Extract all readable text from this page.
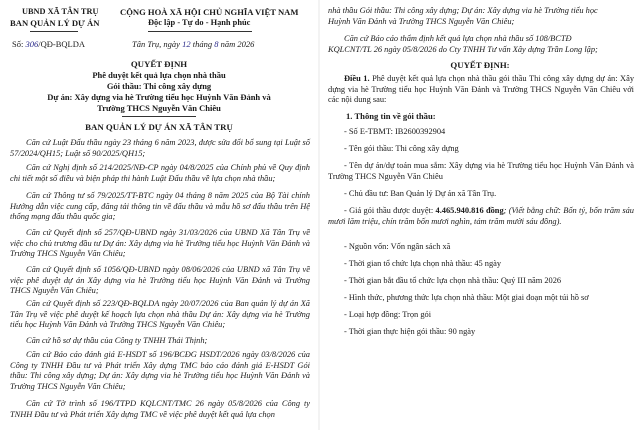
UBND XÃ TÂN TRỤ
BAN QUẢN LÝ DỰ ÁN
Số: 306/QĐ-BQLDA
CỘNG HOÀ XÃ HỘI CHỦ NGHĨA VIỆT NAM
Độc lập - Tự do - Hạnh phúc
Tân Trụ, ngày 12 tháng 8 năm 2026
QUYẾT ĐỊNH
Phê duyệt kết quả lựa chọn nhà thầu
Gói thầu: Thi công xây dựng
Dự án: Xây dựng via hè Trường tiểu học Huỳnh Văn Đảnh và
Trường THCS Nguyễn Văn Chiêu
BAN QUẢN LÝ DỰ ÁN XÃ TÂN TRỤ

Căn cứ Luật Đấu thầu ngày 23 tháng 6 năm 2023, được sửa đổi bổ sung tại Luật số 57/2024/QH15; Luật số 90/2025/QH15;

Căn cứ Nghị định số 214/2025/NĐ-CP ngày 04/8/2025 của Chính phủ về Quy định chi tiết một số điều và biện pháp thi hành Luật Đấu thầu về lựa chọn nhà thầu;

Căn cứ Thông tư số 79/2025/TT-BTC ngày 04 tháng 8 năm 2025 của Bộ Tài chính Hướng dẫn việc cung cấp, đăng tải thông tin về đấu thầu và mẫu hồ sơ đấu thầu trên Hệ thống mạng đấu thầu quốc gia;

Căn cứ Quyết định số 257/QĐ-UBND ngày 31/03/2026 của UBND Xã Tân Trụ về việc cho chủ trương đầu tư Dự án: Xây dựng via hè Trường tiểu học Huỳnh Văn Đảnh và Trường THCS Nguyễn Văn Chiêu;

Căn cứ Quyết định số 1056/QĐ-UBND ngày 08/06/2026 của UBND xã Tân Trụ về việc phê duyệt dự án Xây dựng via hè Trường tiểu học Huỳnh Văn Đảnh và Trường THCS Nguyễn Văn Chiêu;

Căn cứ Quyết định số 223/QĐ-BQLDA ngày 20/07/2026 của Ban quản lý dự án Xã Tân Trụ về việc phê duyệt kế hoạch lựa chọn nhà thầu Dự án: Xây dựng via hè Trường tiểu học Huỳnh Văn Đảnh và Trường THCS Nguyễn Văn Chiêu;

Căn cứ hồ sơ dự thầu của Công ty TNHH Thái Thịnh;

Căn cứ Báo cáo đánh giá E-HSDT số 196/BCĐG HSDT/2026 ngày 03/8/2026 của Công ty TNHH Đầu tư và Phát triển Xây dựng TMC báo cáo đánh giá E-HSDT Gói thầu: Thi công xây dựng; Dự án: Xây dựng via hè Trường tiểu học Huỳnh Văn Đảnh và Trường THCS Nguyễn Văn Chiêu;

Căn cứ Tờ trình số 196/TTPD KQLCNT/TMC 26 ngày 05/8/2026 của Công ty TNHH Đầu tư và Phát triển Xây dựng TMC về việc phê duyệt kết quả lựa chọn

nhà thầu Gói thầu: Thi công xây dựng; Dự án: Xây dựng via hè Trường tiểu học

Huỳnh Văn Đảnh và Trường THCS Nguyễn Văn Chiêu;

Căn cứ Báo cáo thẩm định kết quả lựa chọn nhà thầu số 108/BCTĐ

KQLCNT/TL 26 ngày 05/8/2026 do Cty TNHH Tư vấn Xây dựng Trần Long lập;

QUYẾT ĐỊNH:

Điều 1. Phê duyệt kết quả lựa chọn nhà thầu gói thầu Thi công xây dựng dự án: Xây dựng via hè Trường tiểu học Huỳnh Văn Đảnh và Trường THCS Nguyễn Văn Chiêu với các nội dung sau:

1. Thông tin về gói thầu:

- Số E-TBMT: IB2600392904

- Tên gói thầu: Thi công xây dựng

- Tên dự án/dự toán mua sắm: Xây dựng via hè Trường tiểu học Huỳnh Văn Đảnh và Trường THCS Nguyễn Văn Chiêu

- Chủ đầu tư: Ban Quản lý Dự án xã Tân Trụ.

- Giá gói thầu được duyệt: 4.465.940.816 đồng; (Viết bằng chữ: Bốn tỷ, bốn trăm sáu mươi lăm triệu, chín trăm bốn mươi nghìn, tám trăm mười sáu đồng).

- Nguồn vốn: Vốn ngân sách xã

- Thời gian tổ chức lựa chọn nhà thầu: 45 ngày

- Thời gian bắt đầu tổ chức lựa chọn nhà thầu: Quý III năm 2026

- Hình thức, phương thức lựa chọn nhà thầu: Một giai đoạn một túi hồ sơ

- Loại hợp đồng: Trọn gói

- Thời gian thực hiện gói thầu: 90 ngày
